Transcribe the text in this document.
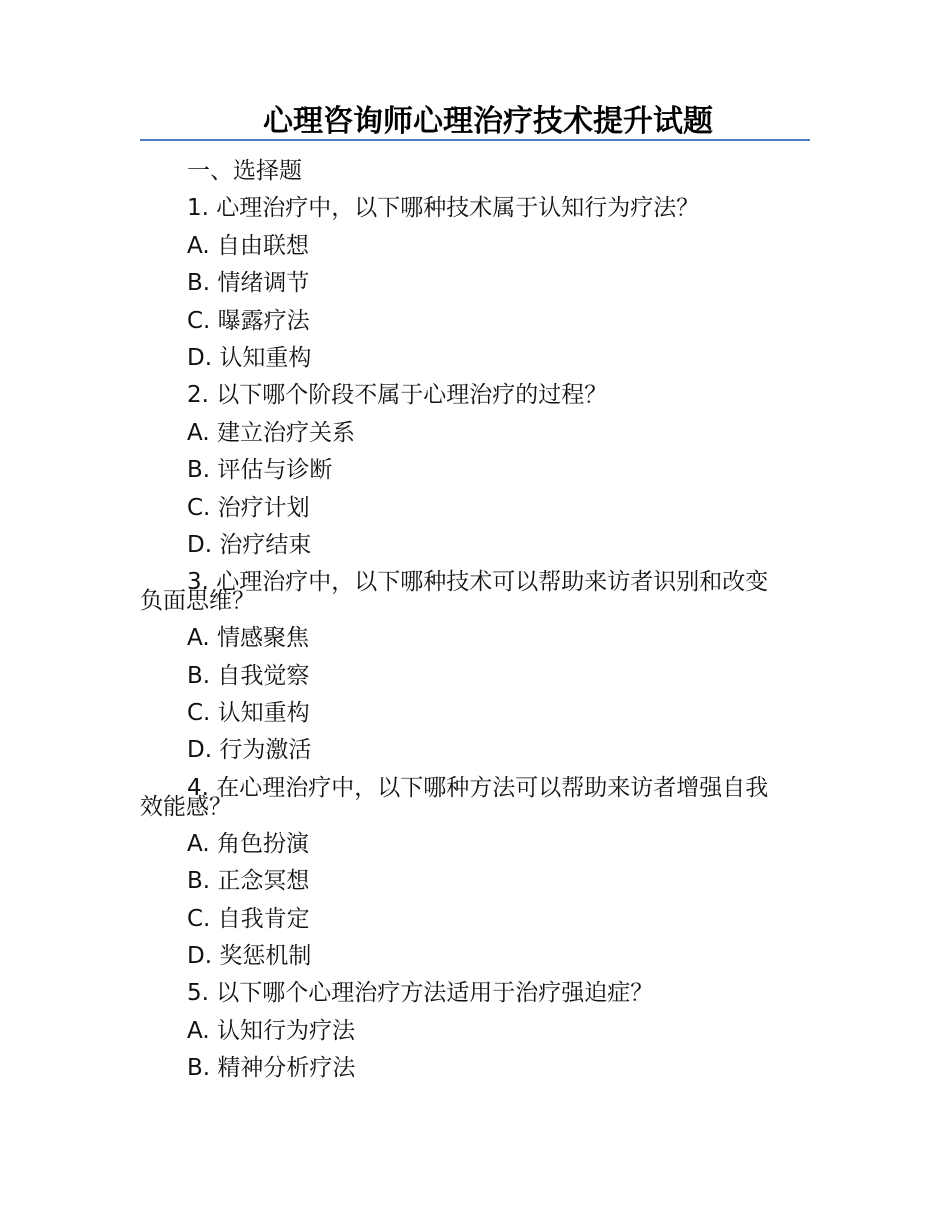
心理咨询师心理治疗技术提升试题
一、选择题
1. 心理治疗中，以下哪种技术属于认知行为疗法？
A. 自由联想
B. 情绪调节
C. 曝露疗法
D. 认知重构
2. 以下哪个阶段不属于心理治疗的过程？
A. 建立治疗关系
B. 评估与诊断
C. 治疗计划
D. 治疗结束
3. 心理治疗中，以下哪种技术可以帮助来访者识别和改变
负面思维？
A. 情感聚焦
B. 自我觉察
C. 认知重构
D. 行为激活
4. 在心理治疗中，以下哪种方法可以帮助来访者增强自我
效能感？
A. 角色扮演
B. 正念冥想
C. 自我肯定
D. 奖惩机制
5. 以下哪个心理治疗方法适用于治疗强迫症？
A. 认知行为疗法
B. 精神分析疗法
